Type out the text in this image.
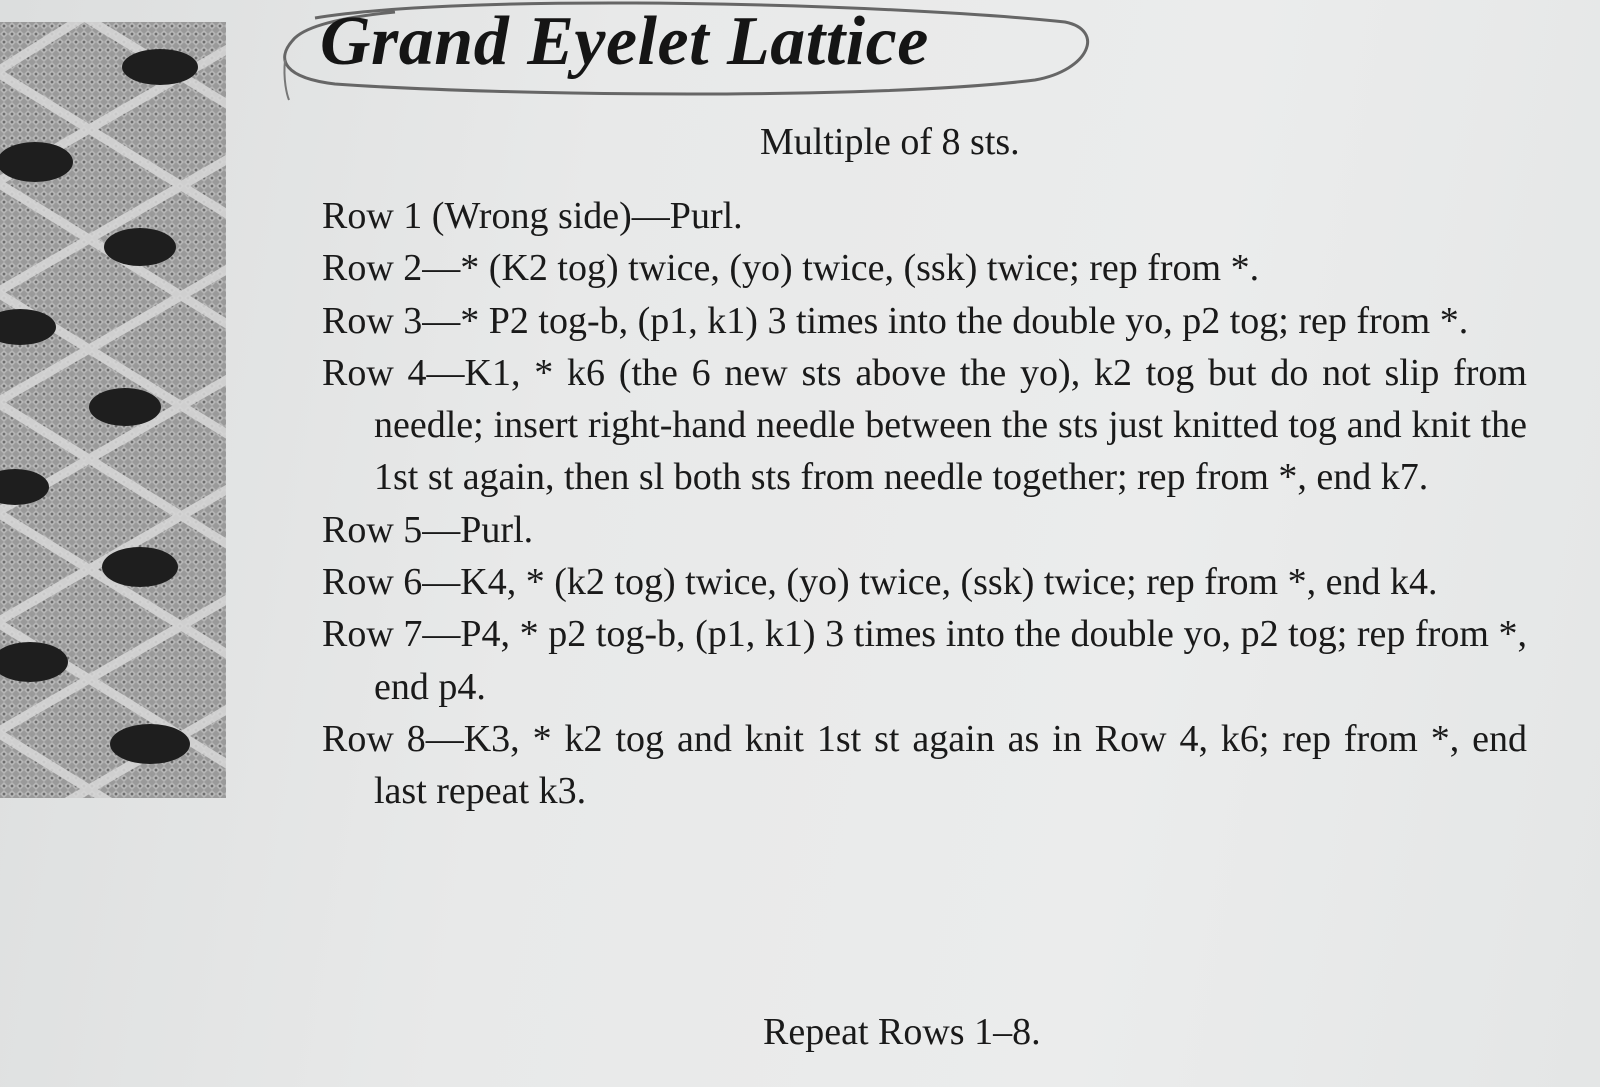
Grand Eyelet Lattice
Multiple of 8 sts.

Row 1 (Wrong side)—Purl.

Row 2—* (K2 tog) twice, (yo) twice, (ssk) twice; rep from *.

Row 3—* P2 tog-b, (p1, k1) 3 times into the double yo, p2 tog; rep from *.

Row 4—K1, * k6 (the 6 new sts above the yo), k2 tog but do not slip from needle; insert right-hand needle between the sts just knitted tog and knit the 1st st again, then sl both sts from needle together; rep from *, end k7.

Row 5—Purl.

Row 6—K4, * (k2 tog) twice, (yo) twice, (ssk) twice; rep from *, end k4.

Row 7—P4, * p2 tog-b, (p1, k1) 3 times into the double yo, p2 tog; rep from *, end p4.

Row 8—K3, * k2 tog and knit 1st st again as in Row 4, k6; rep from *, end last repeat k3.

Repeat Rows 1–8.
